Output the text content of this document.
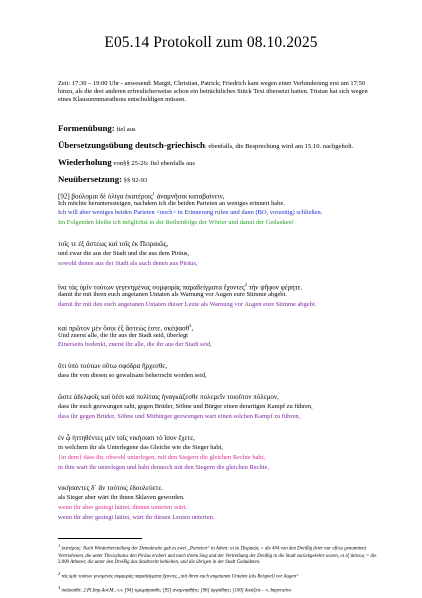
E05.14 Protokoll zum 08.10.2025
Zeit: 17:30 – 19:00 Uhr - anwesend: Margit, Christian, Patrick; Friedrich kam wegen einer Verhinderung erst um 17:50 hinzu, als die drei anderen erfreulicherweise schon ein beträchtliches Stück Text übersetzt hatten. Tristan hat sich wegen eines Klausurenmarathons entschuldigen müssen.
Formenübung: fiel aus
Übersetzungsübung deutsch-griechisch: ebenfalls, die Besprechung wird am 15.10. nachgeholt.
Wiederholung von§§ 25-26: fiel ebenfalls aus
Neuübersetzung: §§ 92-93
[92] βούλομαι δὲ ὀλίγα ἑκατέροις$^1$ ἀναμνῆσαι καταβαίνειν,
Ich möchte herunterssteigen, nachdem ich die beiden Parteien an weniges erinnert habe.
Ich will aber weniges beiden Parteien <noch> in Erinnerung rufen und dann (BO, vorzeitig) schließen.
Im Folgenden bleibe ich möglichst in der Reihenfolge der Wörter und damit der Gedanken!
τοῖς τε ἐξ ἄστεως καὶ τοῖς ἐκ Πειραιῶς,
und zwar die aus der Stadt und die aus dem Piräus,
sowohl denen aus der Stadt als auch denen aus Piräus,
ἵνα τὰς ὑμῖν τούτων γεγενημένας συμφορὰς παραδείγματα ἔχοντες$^2$ τὴν ψῆφον φέρητε.
damit ihr mit ihren euch angetanen Untaten als Warnung vor Augen eure Stimme abgebt.
damit ihr mit den euch angetanen Untaten dieser Leute als Warnung vor Augen eure Stimme abgebt.
καὶ πρῶτον μὲν ὅσοι ἐξ ἄστεώς ἐστε, σκέψασθ$^3$,
Und zuerst alle, die ihr aus der Stadt seid, überlegt
Einerseits bedenkt, zuerst ihr alle, die ihr aus der Stadt seid,
ὅτι ὑπὸ τούτων οὕτω σφόδρα ἤρχεσθε,
dass ihr von diesen so gewaltsam beherrscht worden seid,
ὥστε ἀδελφοῖς καὶ ὑέσι καὶ πολίταις ἠναγκάζεσθε πολεμεῖν τοιοῦτον πόλεμον,
dass ihr euch gezwungen saht, gegen Brüder, Söhne und Bürger einen derartigen Kampf zu führen,
dass ihr gegen Brüder, Söhne und Mitbürger gezwungen wart einen solchen Kampf zu führen,
ἐν ᾧ ἡττηθέντες μὲν τοῖς νικήσασι τὸ ἴσον ἔχετε,
in welchem ihr als Unterlegene das Gleiche wie die Sieger habt,
{in dem} dass ihr, obwohl unterlegen, mit den Siegern die gleichen Rechte habt,
in ihm wart ihr unterlegen und habt dennoch mit den Siegern die gleichen Rechte,
νικήσαντες δ᾽ ἂν τούτοις ἐδουλεύετε.
als Sieger aber wärt ihr ihnen Sklaven geworden.
wenn ihr aber gesiegt hättet, dienen unterten wärt.
wenn ihr aber gesiegt hättet, wärt ihr diesen Leuten unterten.
1 ἑκατέροις: Nach Wiederherstellung der Demokratie gab es zwei „Parteien“ in Athen: οἱ ἐκ Πειραιῶς = die 404 von den Dreißig (hier nur oft/so genannten) Vertriebenen, die unter Thrasybulos den Piräus erobert und nach ihrem Sieg und der Vertreibung der Dreißig in die Stadt zurückgekehrt waren, οἱ ἐξ ἄστεως = die 3.000 Athener, die unter den Dreißig das Stadtrecht behielten, und die übrigen in der Stadt Geduldeten.
2 τὰς ὑμῖν τούτων γενομένας συμφορὰς παραδείγματα ἔχοντες „mit ihren euch angetanen Untaten (als Beispiel) vor Augen“
3 σκέψασθε: 2.Pl.Imp.Aor.M., v.v. [94] τιμωρήσασθε; [95] ἀναμνησθῆτε; [96] ὀργίσθητε; [100] δικάζετε – v. Imperative
